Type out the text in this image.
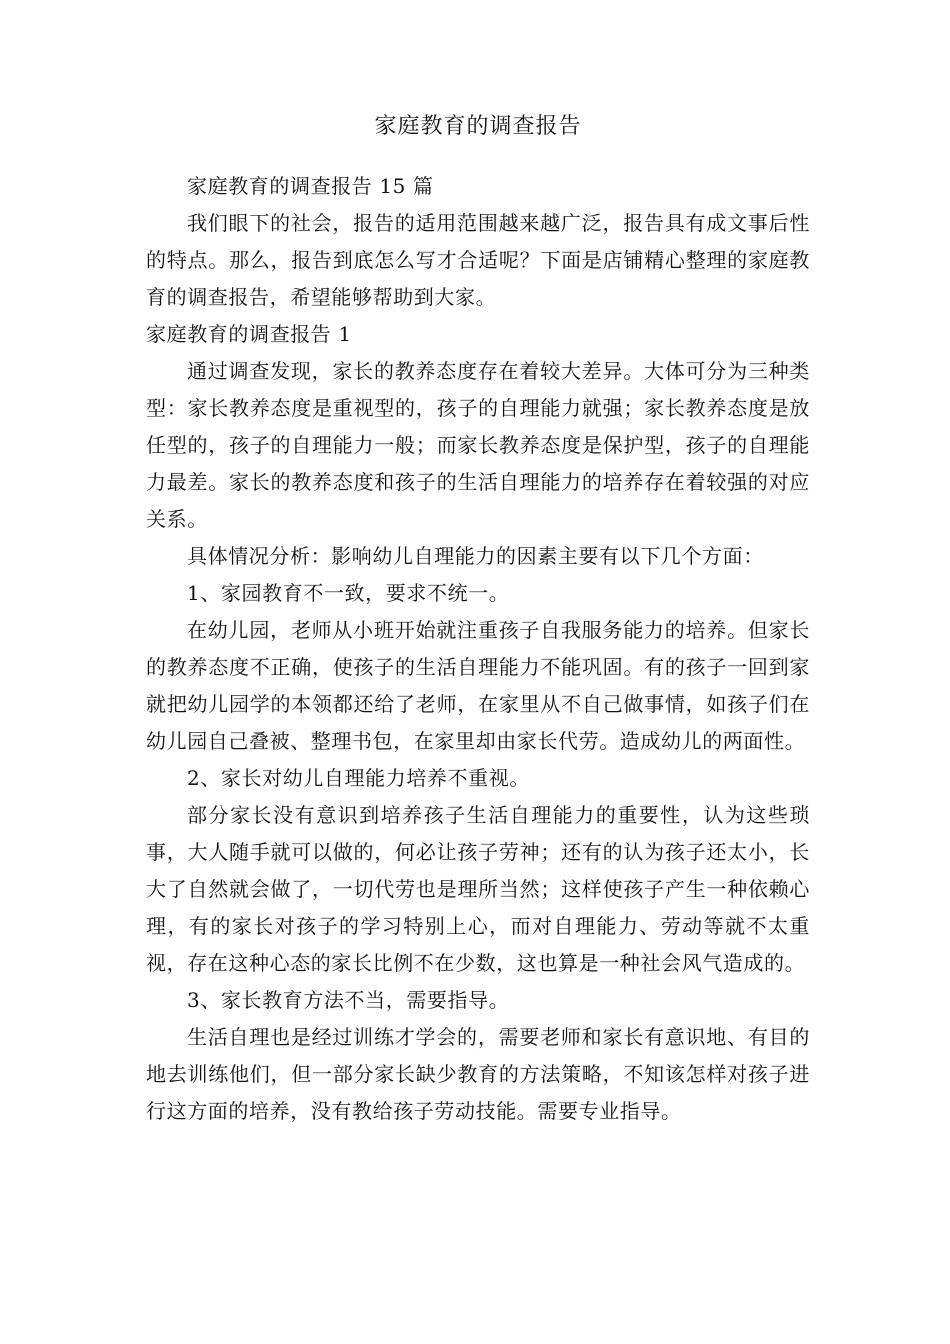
家庭教育的调查报告

家庭教育的调查报告 15 篇

我们眼下的社会，报告的适用范围越来越广泛，报告具有成文事后性的特点。那么，报告到底怎么写才合适呢？下面是店铺精心整理的家庭教育的调查报告，希望能够帮助到大家。

家庭教育的调查报告 1

通过调查发现，家长的教养态度存在着较大差异。大体可分为三种类型：家长教养态度是重视型的，孩子的自理能力就强；家长教养态度是放任型的，孩子的自理能力一般；而家长教养态度是保护型，孩子的自理能力最差。家长的教养态度和孩子的生活自理能力的培养存在着较强的对应关系。

具体情况分析：影响幼儿自理能力的因素主要有以下几个方面：

1、家园教育不一致，要求不统一。

在幼儿园，老师从小班开始就注重孩子自我服务能力的培养。但家长的教养态度不正确，使孩子的生活自理能力不能巩固。有的孩子一回到家就把幼儿园学的本领都还给了老师，在家里从不自己做事情，如孩子们在幼儿园自己叠被、整理书包，在家里却由家长代劳。造成幼儿的两面性。

2、家长对幼儿自理能力培养不重视。

部分家长没有意识到培养孩子生活自理能力的重要性，认为这些琐事，大人随手就可以做的，何必让孩子劳神；还有的认为孩子还太小，长大了自然就会做了，一切代劳也是理所当然；这样使孩子产生一种依赖心理，有的家长对孩子的学习特别上心，而对自理能力、劳动等就不太重视，存在这种心态的家长比例不在少数，这也算是一种社会风气造成的。

3、家长教育方法不当，需要指导。

生活自理也是经过训练才学会的，需要老师和家长有意识地、有目的地去训练他们，但一部分家长缺少教育的方法策略，不知该怎样对孩子进行这方面的培养，没有教给孩子劳动技能。需要专业指导。
